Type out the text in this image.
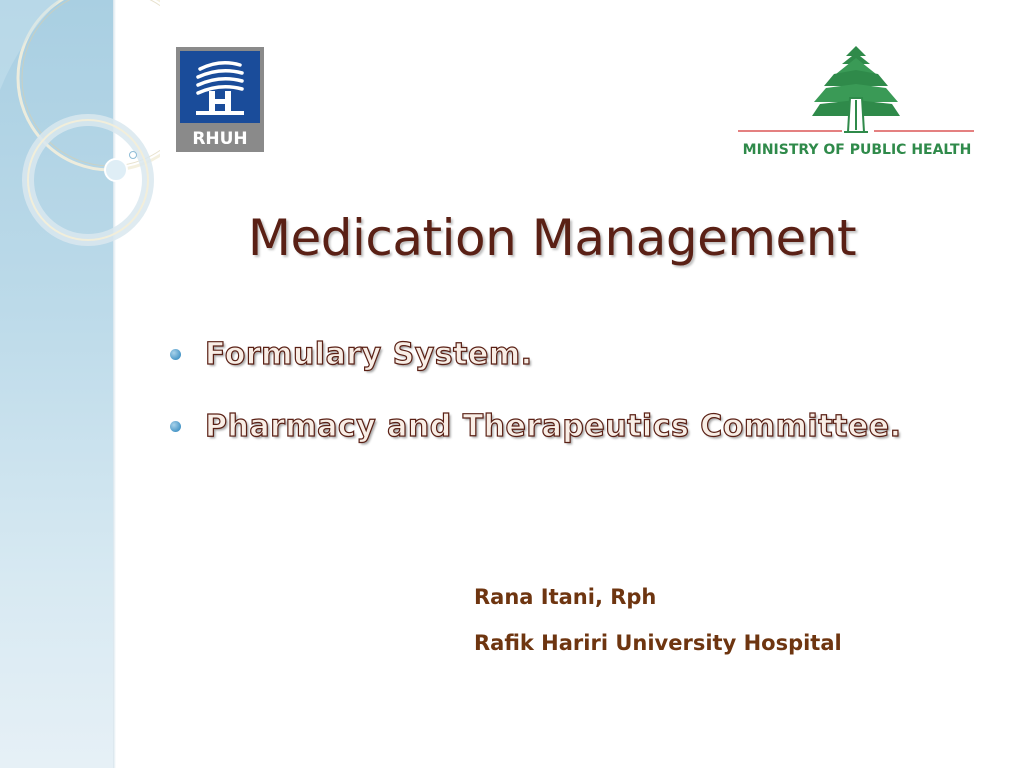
RHUH
MINISTRY OF PUBLIC HEALTH
Medication Management
Formulary System.
Pharmacy and Therapeutics Committee.
Rana Itani, Rph
Rafik Hariri University Hospital
